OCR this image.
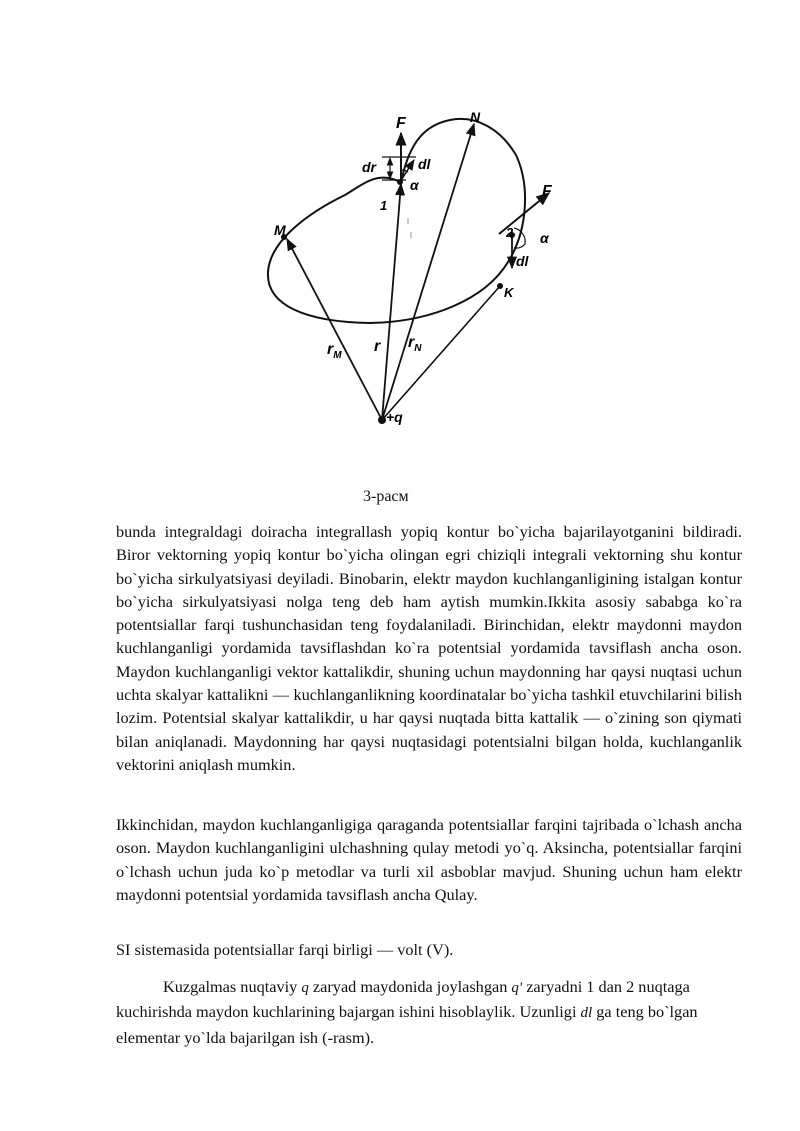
F	N
dr	dl
α
1
M	2
F
α
dl
K
$r_M$
r $r_N$
+q
3-расм
bunda integraldagi doiracha integrallash yopiq kontur bo`yicha bajarilayotganini bildiradi. Biror vektorning yopiq kontur bo`yicha olingan egri chiziqli integrali vektorning shu kontur bo`yicha sirkulyatsiyasi deyiladi. Binobarin, elektr maydon kuchlanganligining istalgan kontur bo`yicha sirkulyatsiyasi nolga teng deb ham aytish mumkin.Ikkita asosiy sababga ko`ra potentsiallar farqi tushunchasidan teng foydalaniladi. Birinchidan, elektr maydonni maydon kuchlanganligi yordamida tavsiflashdan ko`ra potentsial yordamida tavsiflash ancha oson. Maydon kuchlanganligi vektor kattalikdir, shuning uchun maydonning har qaysi nuqtasi uchun uchta skalyar kattalikni — kuchlanganlikning koordinatalar bo`yicha tashkil etuvchilarini bilish lozim. Potentsial skalyar kattalikdir, u har qaysi nuqtada bitta kattalik — o`zining son qiymati bilan aniqlanadi. Maydonning har qaysi nuqtasidagi potentsialni bilgan holda, kuchlanganlik vektorini aniqlash mumkin.
Ikkinchidan, maydon kuchlanganligiga qaraganda potentsiallar farqini tajribada o`lchash ancha oson. Maydon kuchlanganligini ulchashning qulay metodi yo`q. Aksincha, potentsiallar farqini o`lchash uchun juda ko`p metodlar va turli xil asboblar mavjud. Shuning uchun ham elektr maydonni potentsial yordamida tavsiflash ancha Qulay.
SI sistemasida potentsiallar farqi birligi — volt (V).
Kuzgalmas nuqtaviy q zaryad maydonida joylashgan q' zaryadni 1 dan 2 nuqtaga kuchirishda maydon kuchlarining bajargan ishini hisoblaylik. Uzunligi dl ga teng bo`lgan elementar yo`lda bajarilgan ish (-rasm).
